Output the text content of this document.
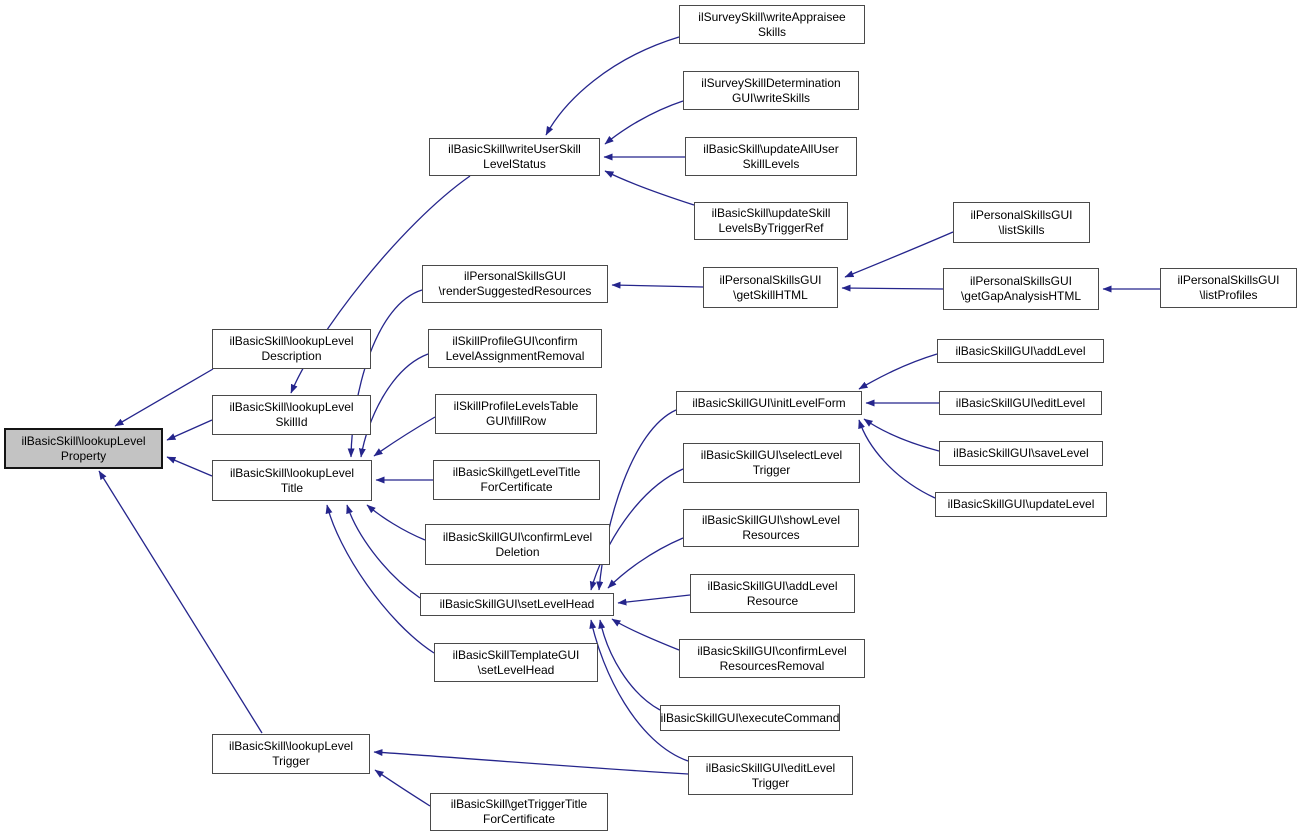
ilBasicSkill\lookupLevel
Property
ilBasicSkill\lookupLevel
Description
ilBasicSkill\lookupLevel
SkillId
ilBasicSkill\lookupLevel
Title
ilBasicSkill\lookupLevel
Trigger
ilBasicSkill\writeUserSkill
LevelStatus
ilPersonalSkillsGUI
\renderSuggestedResources
ilSkillProfileGUI\confirm
LevelAssignmentRemoval
ilSkillProfileLevelsTable
GUI\fillRow
ilBasicSkill\getLevelTitle
ForCertificate
ilBasicSkillGUI\confirmLevel
Deletion
ilBasicSkillGUI\setLevelHead
ilBasicSkillTemplateGUI
\setLevelHead
ilBasicSkill\getTriggerTitle
ForCertificate
ilSurveySkill\writeAppraisee
Skills
ilSurveySkillDetermination
GUI\writeSkills
ilBasicSkill\updateAllUser
SkillLevels
ilBasicSkill\updateSkill
LevelsByTriggerRef
ilPersonalSkillsGUI
\getSkillHTML
ilBasicSkillGUI\initLevelForm
ilBasicSkillGUI\selectLevel
Trigger
ilBasicSkillGUI\showLevel
Resources
ilBasicSkillGUI\addLevel
Resource
ilBasicSkillGUI\confirmLevel
ResourcesRemoval
ilBasicSkillGUI\executeCommand
ilBasicSkillGUI\editLevel
Trigger
ilPersonalSkillsGUI
\listSkills
ilPersonalSkillsGUI
\getGapAnalysisHTML
ilBasicSkillGUI\addLevel
ilBasicSkillGUI\editLevel
ilBasicSkillGUI\saveLevel
ilBasicSkillGUI\updateLevel
ilPersonalSkillsGUI
\listProfiles
